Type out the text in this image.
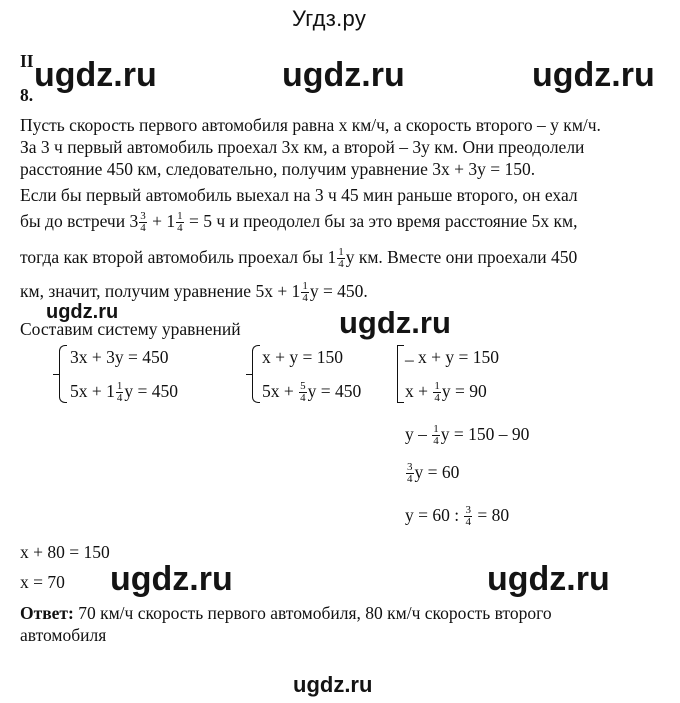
Угдз.ру
II
8.
ugdz.ru	ugdz.ru	ugdz.ru
Пусть скорость первого автомобиля равна x км/ч, а скорость второго – y км/ч.
За 3 ч первый автомобиль проехал 3x км, а второй – 3y км. Они преодолели
расстояние 450 км, следовательно, получим уравнение 3x + 3y = 150.
Если бы первый автомобиль выехал на 3 ч 45 мин раньше второго, он ехал
бы до встречи $3 \frac{3}{4} + 1 \frac{1}{4} = 5$ ч и преодолел бы за это время расстояние 5x км,
тогда как второй автомобиль проехал бы $1 \frac{1}{4}$ y км. Вместе они проехали 450
км, значит, получим уравнение $5x + 1 \frac{1}{4}$ y = 450.
ugdz.ru	ugdz.ru
Составим систему уравнений
3x + 3y = 450
$5x + 1 \frac{1}{4}$ y = 450
x + y = 150
$5x + \frac{5}{4}$ y = 450
_ x + y = 150
$x + \frac{1}{4}$ y = 90
y – $\frac{1}{4}$ y = 150 – 90
$\frac{3}{4}$ y = 60
y = 60 : $\frac{3}{4} = 80$
x + 80 = 150
x = 70 ugdz.ru	ugdz.ru
Ответ: 70 км/ч скорость первого автомобиля, 80 км/ч скорость второго
автомобиля
ugdz.ru
